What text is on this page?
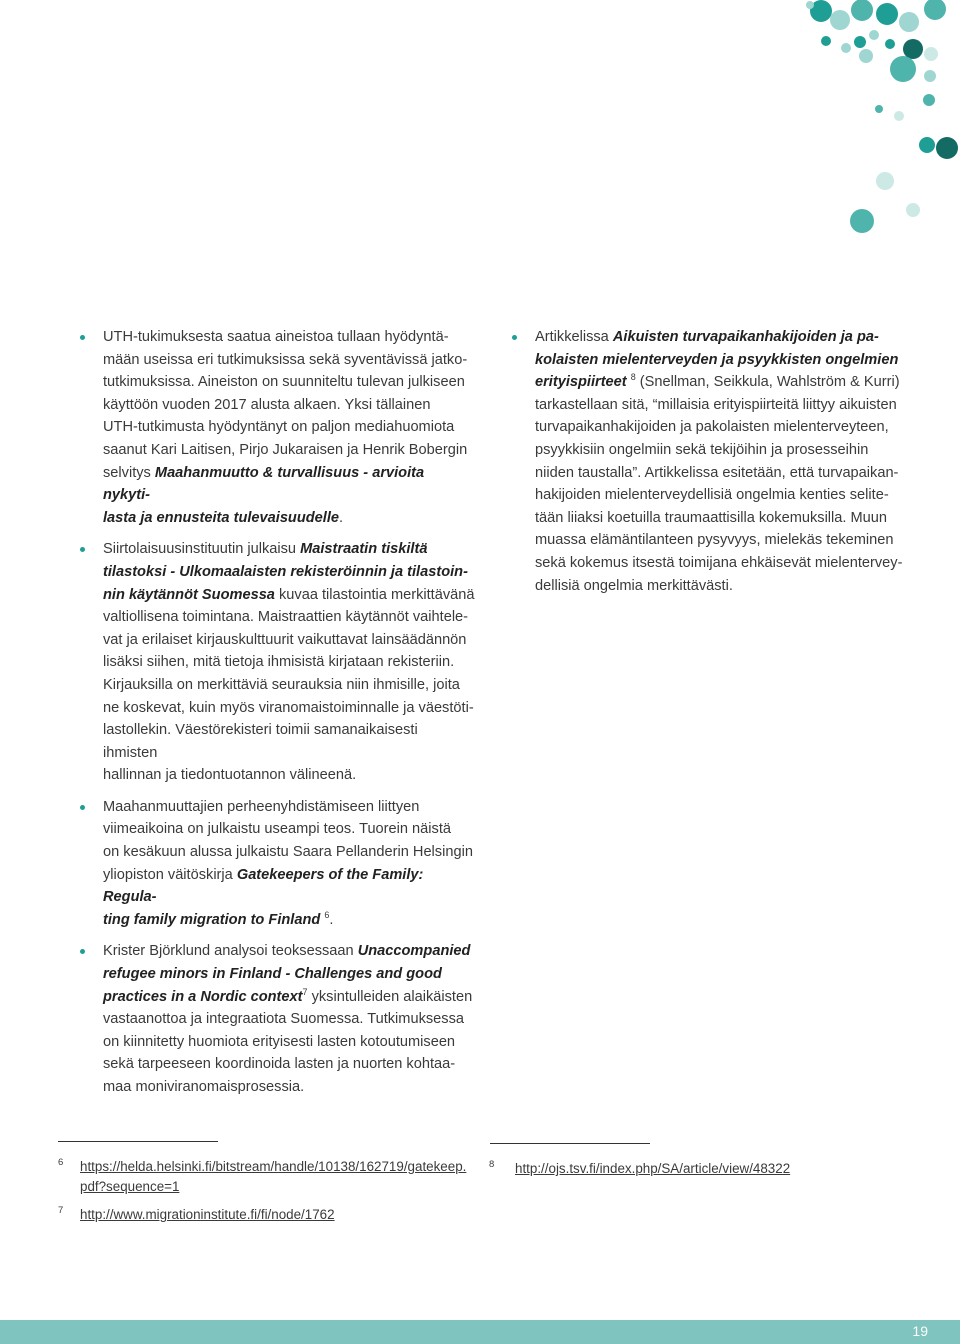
UTH-tukimuksesta saatua aineistoa tullaan hyödyntä-
mään useissa eri tutkimuksissa sekä syventävissä jatko-
tutkimuksissa. Aineiston on suunniteltu tulevan julkiseen
käyttöön vuoden 2017 alusta alkaen. Yksi tällainen
UTH-tutkimusta hyödyntänyt on paljon mediahuomiota
saanut Kari Laitisen, Pirjo Jukaraisen ja Henrik Bobergin
selvitys Maahanmuutto & turvallisuus - arvioita nykyti-
lasta ja ennusteita tulevaisuudelle.

Siirtolaisuusinstituutin julkaisu Maistraatin tiskiltä
tilastoksi - Ulkomaalaisten rekisteröinnin ja tilastoin-
nin käytännöt Suomessa kuvaa tilastointia merkittävänä
valtiollisena toimintana. Maistraattien käytännöt vaihtele-
vat ja erilaiset kirjauskulttuurit vaikuttavat lainsäädännön
lisäksi siihen, mitä tietoja ihmisistä kirjataan rekisteriin.
Kirjauksilla on merkittäviä seurauksia niin ihmisille, joita
ne koskevat, kuin myös viranomaistoiminnalle ja väestöti-
lastollekin. Väestörekisteri toimii samanaikaisesti ihmisten
hallinnan ja tiedontuotannon välineenä.

Maahanmuuttajien perheenyhdistämiseen liittyen
viimeaikoina on julkaistu useampi teos. Tuorein näistä
on kesäkuun alussa julkaistu Saara Pellanderin Helsingin
yliopiston väitöskirja Gatekeepers of the Family: Regula-
ting family migration to Finland $^6$.

Krister Björklund analysoi teoksessaan Unaccompanied
refugee minors in Finland - Challenges and good
practices in a Nordic context$^7$ yksintulleiden alaikäisten
vastaanottoa ja integraatiota Suomessa. Tutkimuksessa
on kiinnitetty huomiota erityisesti lasten kotoutumiseen
sekä tarpeeseen koordinoida lasten ja nuorten kohtaa-
maa moniviranomaisprosessia.

Artikkelissa Aikuisten turvapaikanhakijoiden ja pa-
kolaisten mielenterveyden ja psyykkisten ongelmien
erityispiirteet $^8$ (Snellman, Seikkula, Wahlström & Kurri)
tarkastellaan sitä, “millaisia erityispiirteitä liittyy aikuisten
turvapaikanhakijoiden ja pakolaisten mielenterveyteen,
psyykkisiin ongelmiin sekä tekijöihin ja prosesseihin
niiden taustalla”. Artikkelissa esitetään, että turvapaikan-
hakijoiden mielenterveydellisiä ongelmia kenties selite-
tään liiaksi koetuilla traumaattisilla kokemuksilla. Muun
muassa elämäntilanteen pysyvyys, mielekäs tekeminen
sekä kokemus itsestä toimijana ehkäisevät mielentervey-
dellisiä ongelmia merkittävästi.

6 https://helda.helsinki.fi/bitstream/handle/10138/162719/gatekeep.
pdf?sequence=1
7 http://www.migrationinstitute.fi/fi/node/1762
8 http://ojs.tsv.fi/index.php/SA/article/view/48322
19
